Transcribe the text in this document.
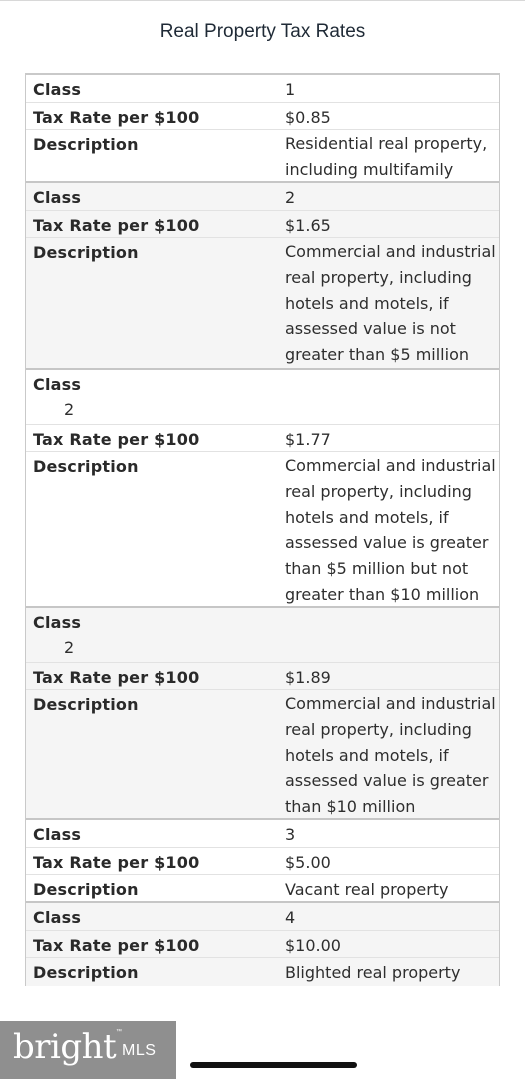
Real Property Tax Rates
Class	1
Tax Rate per $100	$0.85
Description	Residential real property,
including multifamily
Class	2
Tax Rate per $100	$1.65
Description	Commercial and industrial
real property, including
hotels and motels, if
assessed value is not
greater than $5 million
Class
2
Tax Rate per $100	$1.77
Description	Commercial and industrial
real property, including
hotels and motels, if
assessed value is greater
than $5 million but not
greater than $10 million
Class
2
Tax Rate per $100	$1.89
Description	Commercial and industrial
real property, including
hotels and motels, if
assessed value is greater
than $10 million
Class	3
Tax Rate per $100	$5.00
Description	Vacant real property
Class	4
Tax Rate per $100	$10.00
Description	Blighted real property
bright ™
MLS
